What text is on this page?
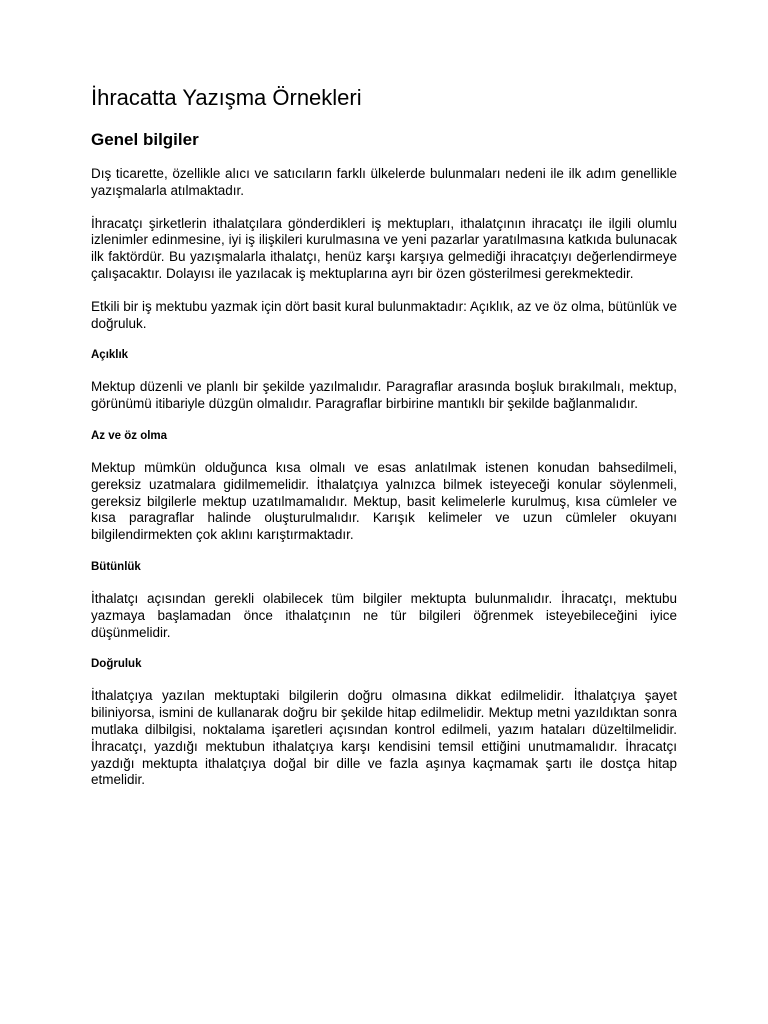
İhracatta Yazışma Örnekleri
Genel bilgiler

Dış ticarette, özellikle alıcı ve satıcıların farklı ülkelerde bulunmaları nedeni ile ilk adım genellikle yazışmalarla atılmaktadır.

İhracatçı şirketlerin ithalatçılara gönderdikleri iş mektupları, ithalatçının ihracatçı ile ilgili olumlu izlenimler edinmesine, iyi iş ilişkileri kurulmasına ve yeni pazarlar yaratılmasına katkıda bulunacak ilk faktördür. Bu yazışmalarla ithalatçı, henüz karşı karşıya gelmediği ihracatçıyı değerlendirmeye çalışacaktır. Dolayısı ile yazılacak iş mektuplarına ayrı bir özen gösterilmesi gerekmektedir.

Etkili bir iş mektubu yazmak için dört basit kural bulunmaktadır: Açıklık, az ve öz olma, bütünlük ve doğruluk.

Açıklık

Mektup düzenli ve planlı bir şekilde yazılmalıdır. Paragraflar arasında boşluk bırakılmalı, mektup, görünümü itibariyle düzgün olmalıdır. Paragraflar birbirine mantıklı bir şekilde bağlanmalıdır.

Az ve öz olma

Mektup mümkün olduğunca kısa olmalı ve esas anlatılmak istenen konudan bahsedilmeli, gereksiz uzatmalara gidilmemelidir. İthalatçıya yalnızca bilmek isteyeceği konular söylenmeli, gereksiz bilgilerle mektup uzatılmamalıdır. Mektup, basit kelimelerle kurulmuş, kısa cümleler ve kısa paragraflar halinde oluşturulmalıdır. Karışık kelimeler ve uzun cümleler okuyanı bilgilendirmekten çok aklını karıştırmaktadır.

Bütünlük

İthalatçı açısından gerekli olabilecek tüm bilgiler mektupta bulunmalıdır. İhracatçı, mektubu yazmaya başlamadan önce ithalatçının ne tür bilgileri öğrenmek isteyebileceğini iyice düşünmelidir.

Doğruluk

İthalatçıya yazılan mektuptaki bilgilerin doğru olmasına dikkat edilmelidir. İthalatçıya şayet biliniyorsa, ismini de kullanarak doğru bir şekilde hitap edilmelidir. Mektup metni yazıldıktan sonra mutlaka dilbilgisi, noktalama işaretleri açısından kontrol edilmeli, yazım hataları düzeltilmelidir. İhracatçı, yazdığı mektubun ithalatçıya karşı kendisini temsil ettiğini unutmamalıdır. İhracatçı yazdığı mektupta ithalatçıya doğal bir dille ve fazla aşınya kaçmamak şartı ile dostça hitap etmelidir.
